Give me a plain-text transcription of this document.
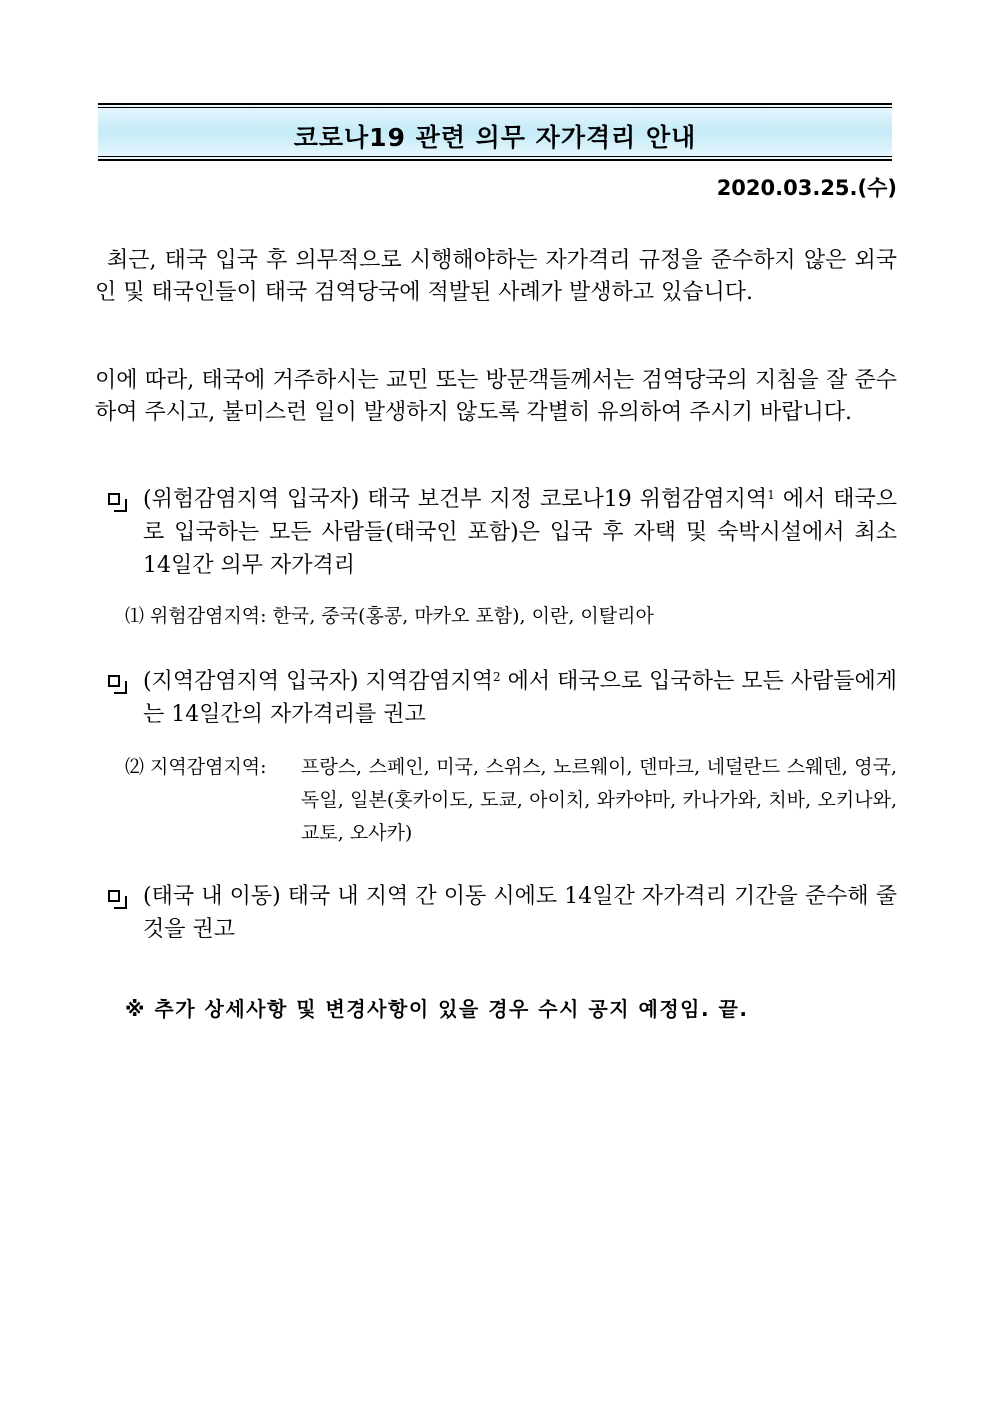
코로나19 관련 의무 자가격리 안내
2020.03.25.(수)
최근, 태국 입국 후 의무적으로 시행해야하는 자가격리 규정을 준수하지 않은 외국인 및 태국인들이 태국 검역당국에 적발된 사례가 발생하고 있습니다.
이에 따라, 태국에 거주하시는 교민 또는 방문객들께서는 검역당국의 지침을 잘 준수하여 주시고, 불미스런 일이 발생하지 않도록 각별히 유의하여 주시기 바랍니다.
(위험감염지역 입국자) 태국 보건부 지정 코로나19 위험감염지역$^1$ 에서 태국으로 입국하는 모든 사람들(태국인 포함)은 입국 후 자택 및 숙박시설에서 최소 14일간 의무 자가격리
⑴ 위험감염지역: 한국, 중국(홍콩, 마카오 포함), 이란, 이탈리아
(지역감염지역 입국자) 지역감염지역$^2$ 에서 태국으로 입국하는 모든 사람들에게는 14일간의 자가격리를 권고
⑵ 지역감염지역:	프랑스, 스페인, 미국, 스위스, 노르웨이, 덴마크, 네덜란드 스웨덴, 영국, 독일, 일본(홋카이도, 도쿄, 아이치, 와카야마, 카나가와, 치바, 오키나와, 교토, 오사카)
(태국 내 이동) 태국 내 지역 간 이동 시에도 14일간 자가격리 기간을 준수해 줄 것을 권고
※ 추가 상세사항 및 변경사항이 있을 경우 수시 공지 예정임. 끝.
